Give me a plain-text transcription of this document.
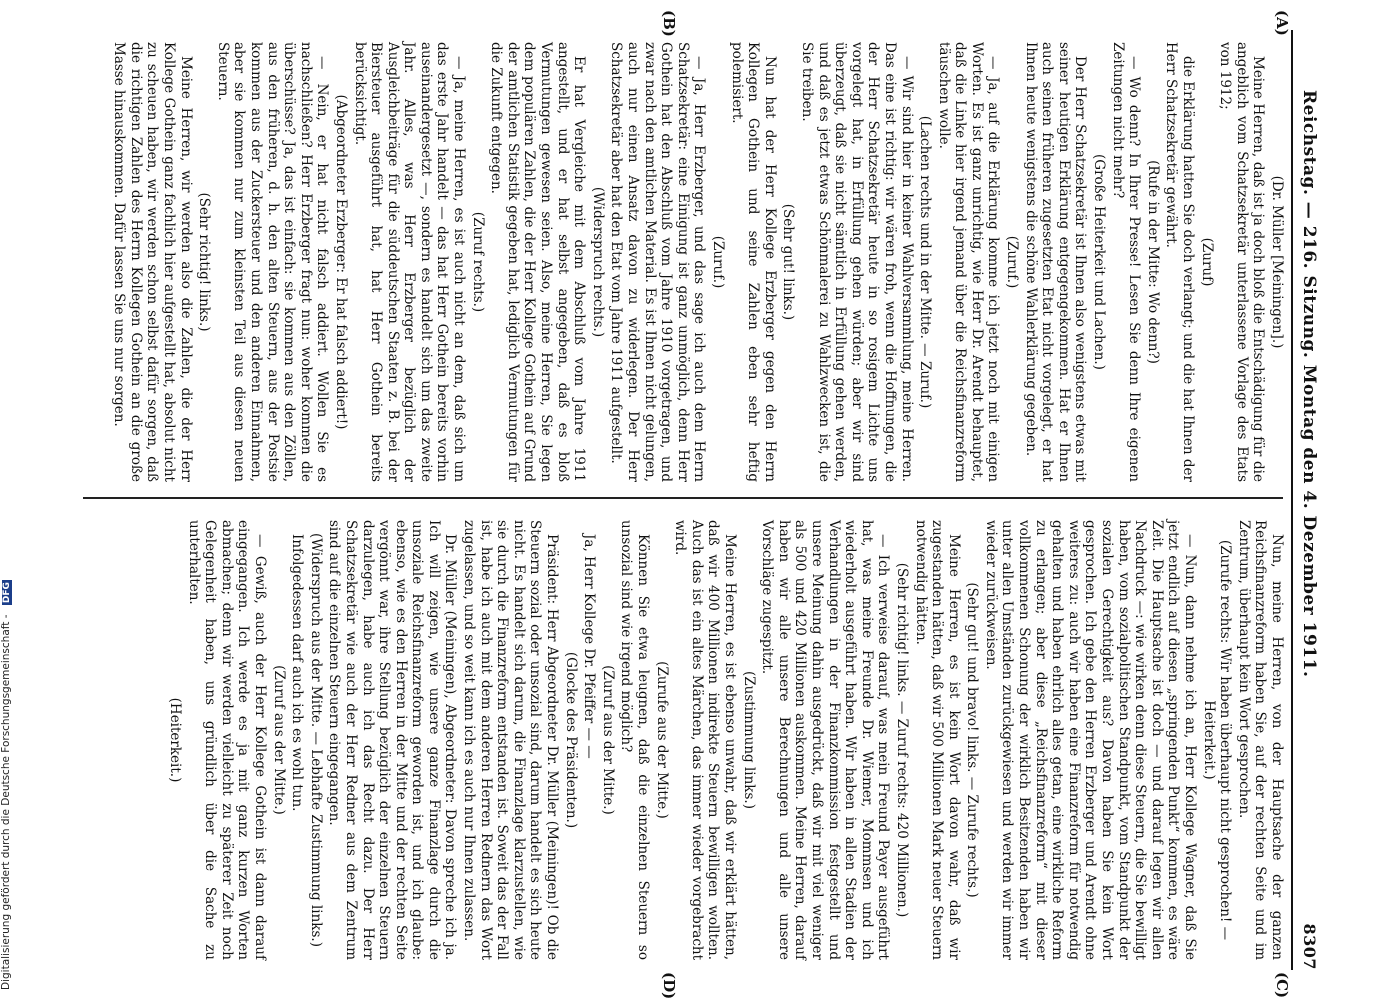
Reichstag. — 216. Sitzung. Montag den 4. Dezember 1911.
8307
(A)
(B)
(C)
(D)

(Dr. Müller [Meiningen].)

Meine Herren, daß ist ja doch bloß die Entschädigung für die angeblich vom Schatzsekretär unterlassene Vorlage des Etats von 1912;

(Zuruf)

die Erklärung hatten Sie doch verlangt; und die hat Ihnen der Herr Schatzsekretär gewährt.

(Rufe in der Mitte: Wo denn?)

— Wo denn? In Ihrer Presse! Lesen Sie denn Ihre eigenen Zeitungen nicht mehr?

(Große Heiterkeit und Lachen.)

Der Herr Schatzsekretär ist Ihnen also wenigstens etwas mit seiner heutigen Erklärung entgegengekommen. Hat er Ihnen auch seinen früheren zugesetzten Etat nicht vorgelegt, er hat Ihnen heute wenigstens die schöne Wahlerklärung gegeben.

(Zuruf.)

— Ja, auf die Erklärung komme ich jetzt noch mit einigen Worten. Es ist ganz unrichtig, wie Herr Dr. Arendt behauptet, daß die Linke hier irgend jemand über die Reichsfinanzreform täuschen wolle.

(Lachen rechts und in der Mitte. — Zuruf.)

— Wir sind hier in keiner Wahlversammlung, meine Herren. Das eine ist richtig: wir wären froh, wenn die Hoffnungen, die der Herr Schatzsekretär heute in so rosigem Lichte uns vorgelegt hat, in Erfüllung gehen würden; aber wir sind überzeugt, daß sie nicht sämtlich in Erfüllung gehen werden, und daß es jetzt etwas Schönmalerei zu Wahlzwecken ist, die Sie treiben.

(Sehr gut! links.)

Nun hat der Herr Kollege Erzberger gegen den Herrn Kollegen Gothein und seine Zahlen eben sehr heftig polemisiert.

(Zuruf.)

— Ja, Herr Erzberger, und das sage ich auch dem Herrn Schatzsekretär: eine Einigung ist ganz unmöglich, denn Herr Gothein hat den Abschluß vom Jahre 1910 vorgetragen, und zwar nach den amtlichen Material. Es ist Ihnen nicht gelungen, auch nur einen Ansatz davon zu widerlegen. Der Herr Schatzsekretär aber hat den Etat vom Jahre 1911 aufgestellt.

(Widerspruch rechts.)

Er hat Vergleiche mit dem Abschluß vom Jahre 1911 angestellt, und er hat selbst angegeben, daß es bloß Vermutungen gewesen seien. Also, meine Herren, Sie legen dem populären Zahlen, die der Herr Kollege Gothein auf Grund der amtlichen Statistik gegeben hat, lediglich Vermutungen für die Zukunft entgegen.

(Zuruf rechts.)

— Ja, meine Herren, es ist auch nicht an dem, daß sich um das erste Jahr handelt — das hat Herr Gothein bereits vorhin auseinandergesetzt —, sondern es handelt sich um das zweite Jahr. Alles, was Herr Erzberger bezüglich der Ausgleichbeiträge für die süddeutschen Staaten z. B. bei der Biersteuer ausgeführt hat, hat Herr Gothein bereits berücksichtigt.

(Abgeordneter Erzberger: Er hat falsch addiert!)

— Nein, er hat nicht falsch addiert. Wollen Sie es nachschließen? Herr Erzberger fragt nun: woher kommen die überschüsse? Ja, das ist einfach: sie kommen aus den Zöllen, aus den früheren, d. h. den alten Steuern, aus der Postsie kommen aus der Zuckersteuer und den anderen Einnahmen, aber sie kommen nur zum kleinsten Teil aus diesen neuen Steuern.

(Sehr richtig! links.)

Meine Herren, wir werden also die Zahlen, die der Herr Kollege Gothein ganz fachlich hier aufgestellt hat, absolut nicht zu scheuen haben, wir werden schon selbst dafür sorgen, daß die richtigen Zahlen des Herrn Kollegen Gothein an die große Masse hinauskommen. Dafür lassen Sie uns nur sorgen.

Nun, meine Herren, von der Hauptsache der ganzen Reichsfinanzreform haben Sie, auf der rechten Seite und im Zentrum, überhaupt kein Wort gesprochen.

(Zurufe rechts: Wir haben überhaupt nicht gesprochen! — Heiterkeit.)

— Nun, dann nehme ich an, Herr Kollege Wagner, daß Sie jetzt endlich auf diesen „springenden Punkt“ kommen, es wäre Zeit. Die Hauptsache ist doch — und darauf legen wir allen Nachdruck —: wie wirken denn diese Steuern, die Sie bewilligt haben, vom sozialpolitischen Standpunkt, vom Standpunkt der sozialen Gerechtigkeit aus? Davon haben Sie kein Wort gesprochen. Ich gebe den Herren Erzberger und Arendt ohne weiteres zu: auch wir haben eine Finanzreform für notwendig gehalten und haben ehrlich alles getan, eine wirkliche Reform zu erlangen; aber diese „Reichsfinanzreform“ mit dieser vollkommenen Schonung der wirklich Besitzenden haben wir unter allen Umständen zurückgewiesen und werden wir immer wieder zurückweisen.

(Sehr gut! und bravo! links. — Zurufe rechts.)

Meine Herren, es ist kein Wort davon wahr, daß wir zugestanden hätten, daß wir 500 Millionen Mark neuer Steuern notwendig hätten.

(Sehr richtig! links. — Zuruf rechts: 420 Millionen.)

— Ich verweise darauf, was mein Freund Payer ausgeführt hat, was meine Freunde Dr. Wiemer, Mommsen und ich wiederholt ausgeführt haben. Wir haben in allen Stadien der Verhandlungen in der Finanzkommission festgestellt und unsere Meinung dahin ausgedrückt, daß wir mit viel weniger als 500 und 420 Millionen auskommen. Meine Herren, darauf haben wir alle unsere Berechnungen und alle unsere Vorschläge zugespitzt.

(Zustimmung links.)

Meine Herren, es ist ebenso unwahr, daß wir erklärt hätten, daß wir 400 Millionen indirekte Steuern bewilligen wollten. Auch das ist ein altes Märchen, das immer wieder vorgebracht wird.

(Zurufe aus der Mitte.)

Können Sie etwa leugnen, daß die einzelnen Steuern so unsozial sind wie irgend möglich?

(Zuruf aus der Mitte.)

Ja, Herr Kollege Dr. Pfeiffer — —

(Glocke des Präsidenten.)

Präsident: Herr Abgeordneter Dr. Müller (Meiningen)! Ob die Steuern sozial oder unsozial sind, darum handelt es sich heute nicht. Es handelt sich darum, die Finanzlage klarzustellen, wie sie durch die Finanzreform entstanden ist. Soweit das der Fall ist, habe ich auch mit dem anderen Herren Rednern das Wort zugelassen, und so weit kann ich es auch nur Ihnen zulassen.

Dr. Müller (Meiningen), Abgeordneter: Davon spreche ich ja. Ich will zeigen, wie unsere ganze Finanzlage durch die unsoziale Reichsfinanzreform geworden ist, und ich glaube: ebenso, wie es den Herren in der Mitte und der rechten Seite vergönnt war, ihre Stellung bezüglich der einzelnen Steuern darzulegen, habe auch ich das Recht dazu. Der Herr Schatzsekretär wie auch der Herr Redner aus dem Zentrum sind auf die einzelnen Steuern eingegangen.

(Widerspruch aus der Mitte. — Lebhafte Zustimmung links.)

Infolgedessen darf auch ich es wohl tun.

(Zuruf aus der Mitte.)

— Gewiß, auch der Herr Kollege Gothein ist dann darauf eingegangen. Ich werde es ja mit ganz kurzen Worten abmachen; denn wir werden vielleicht zu späterer Zeit noch Gelegenheit haben, uns gründlich über die Sache zu unterhalten.

(Heiterkeit.)

Digitalisierung gefördert durch die Deutsche Forschungsgemeinschaft - DFG
